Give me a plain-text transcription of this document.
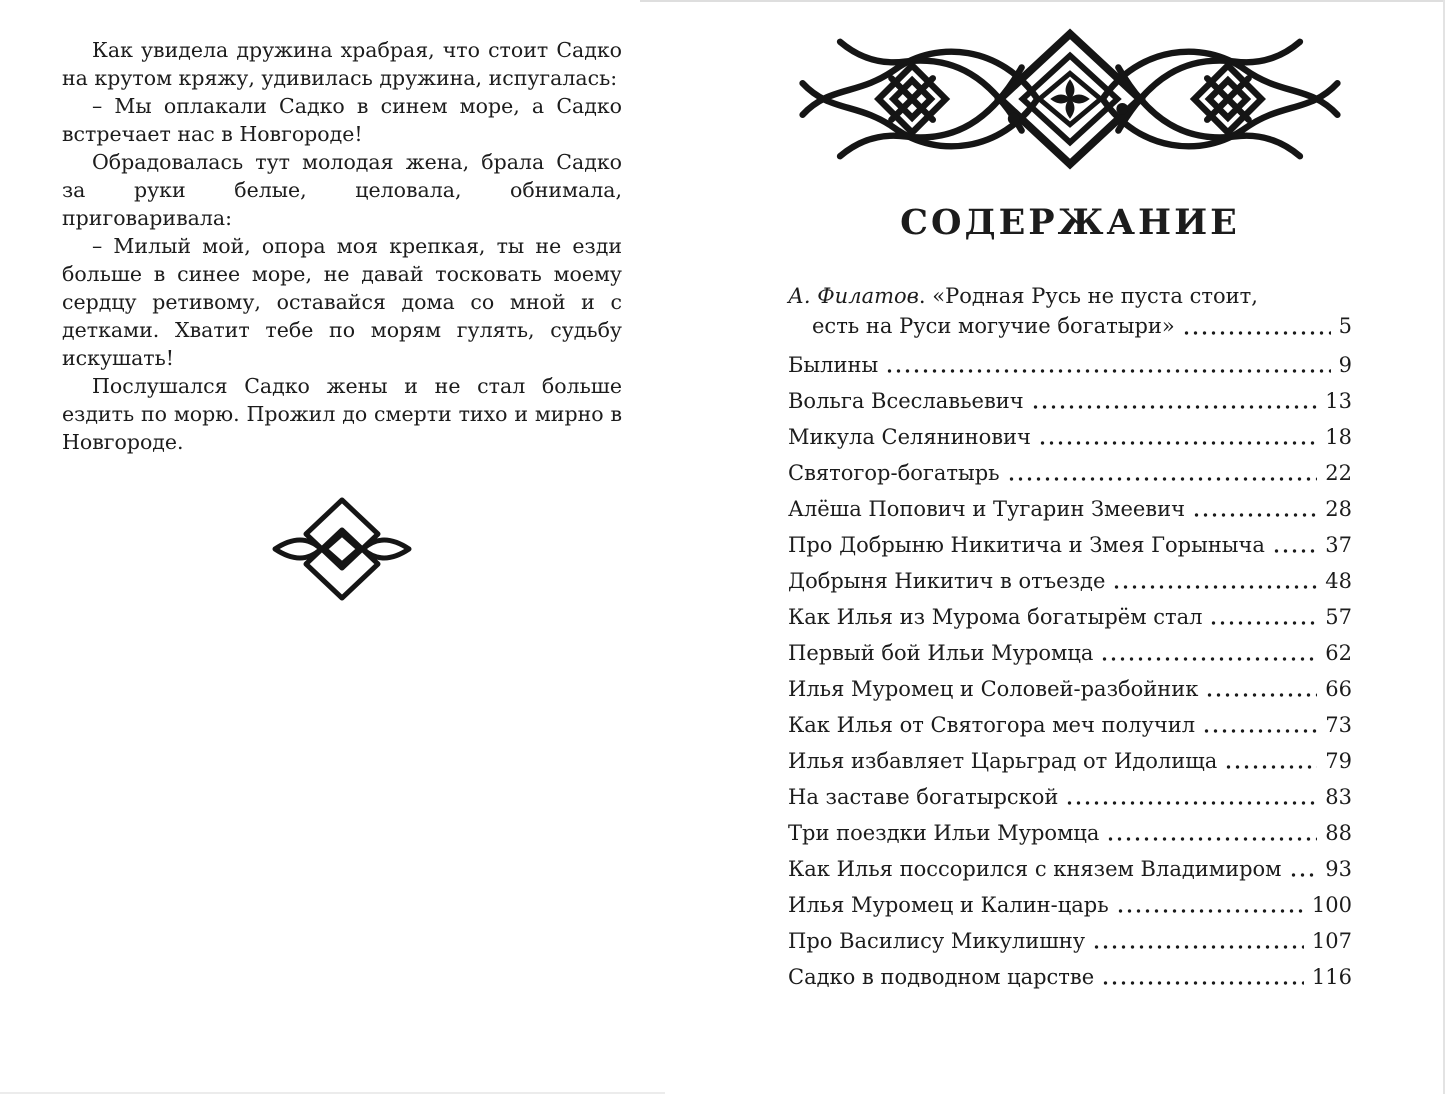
Как увидела дружина храбрая, что стоит Садко на крутом кряжу, удивилась дружина, испугалась:

– Мы оплакали Садко в синем море, а Садко встречает нас в Новгороде!

Обрадовалась тут молодая жена, брала Садко за руки белые, целовала, обнимала, приговаривала:

– Милый мой, опора моя крепкая, ты не езди больше в синее море, не давай тосковать моему сердцу ретивому, оставайся дома со мной и с детками. Хватит тебе по морям гулять, судьбу искушать!

Послушался Садко жены и не стал больше ездить по морю. Прожил до смерти тихо и мирно в Новгороде.

СОДЕРЖАНИЕ
А. Филатов. «Родная Русь не пуста стоит,
есть на Руси могучие богатыри»	5
Былины	9
Вольга Всеславьевич	13
Микула Селянинович	18
Святогор-богатырь	22
Алёша Попович и Тугарин Змеевич	28
Про Добрыню Никитича и Змея Горыныча	37
Добрыня Никитич в отъезде	48
Как Илья из Мурома богатырём стал	57
Первый бой Ильи Муромца	62
Илья Муромец и Соловей-разбойник	66
Как Илья от Святогора меч получил	73
Илья избавляет Царьград от Идолища	79
На заставе богатырской	83
Три поездки Ильи Муромца	88
Как Илья поссорился с князем Владимиром 93
Илья Муромец и Калин-царь	100
Про Василису Микулишну	107
Садко в подводном царстве	116
